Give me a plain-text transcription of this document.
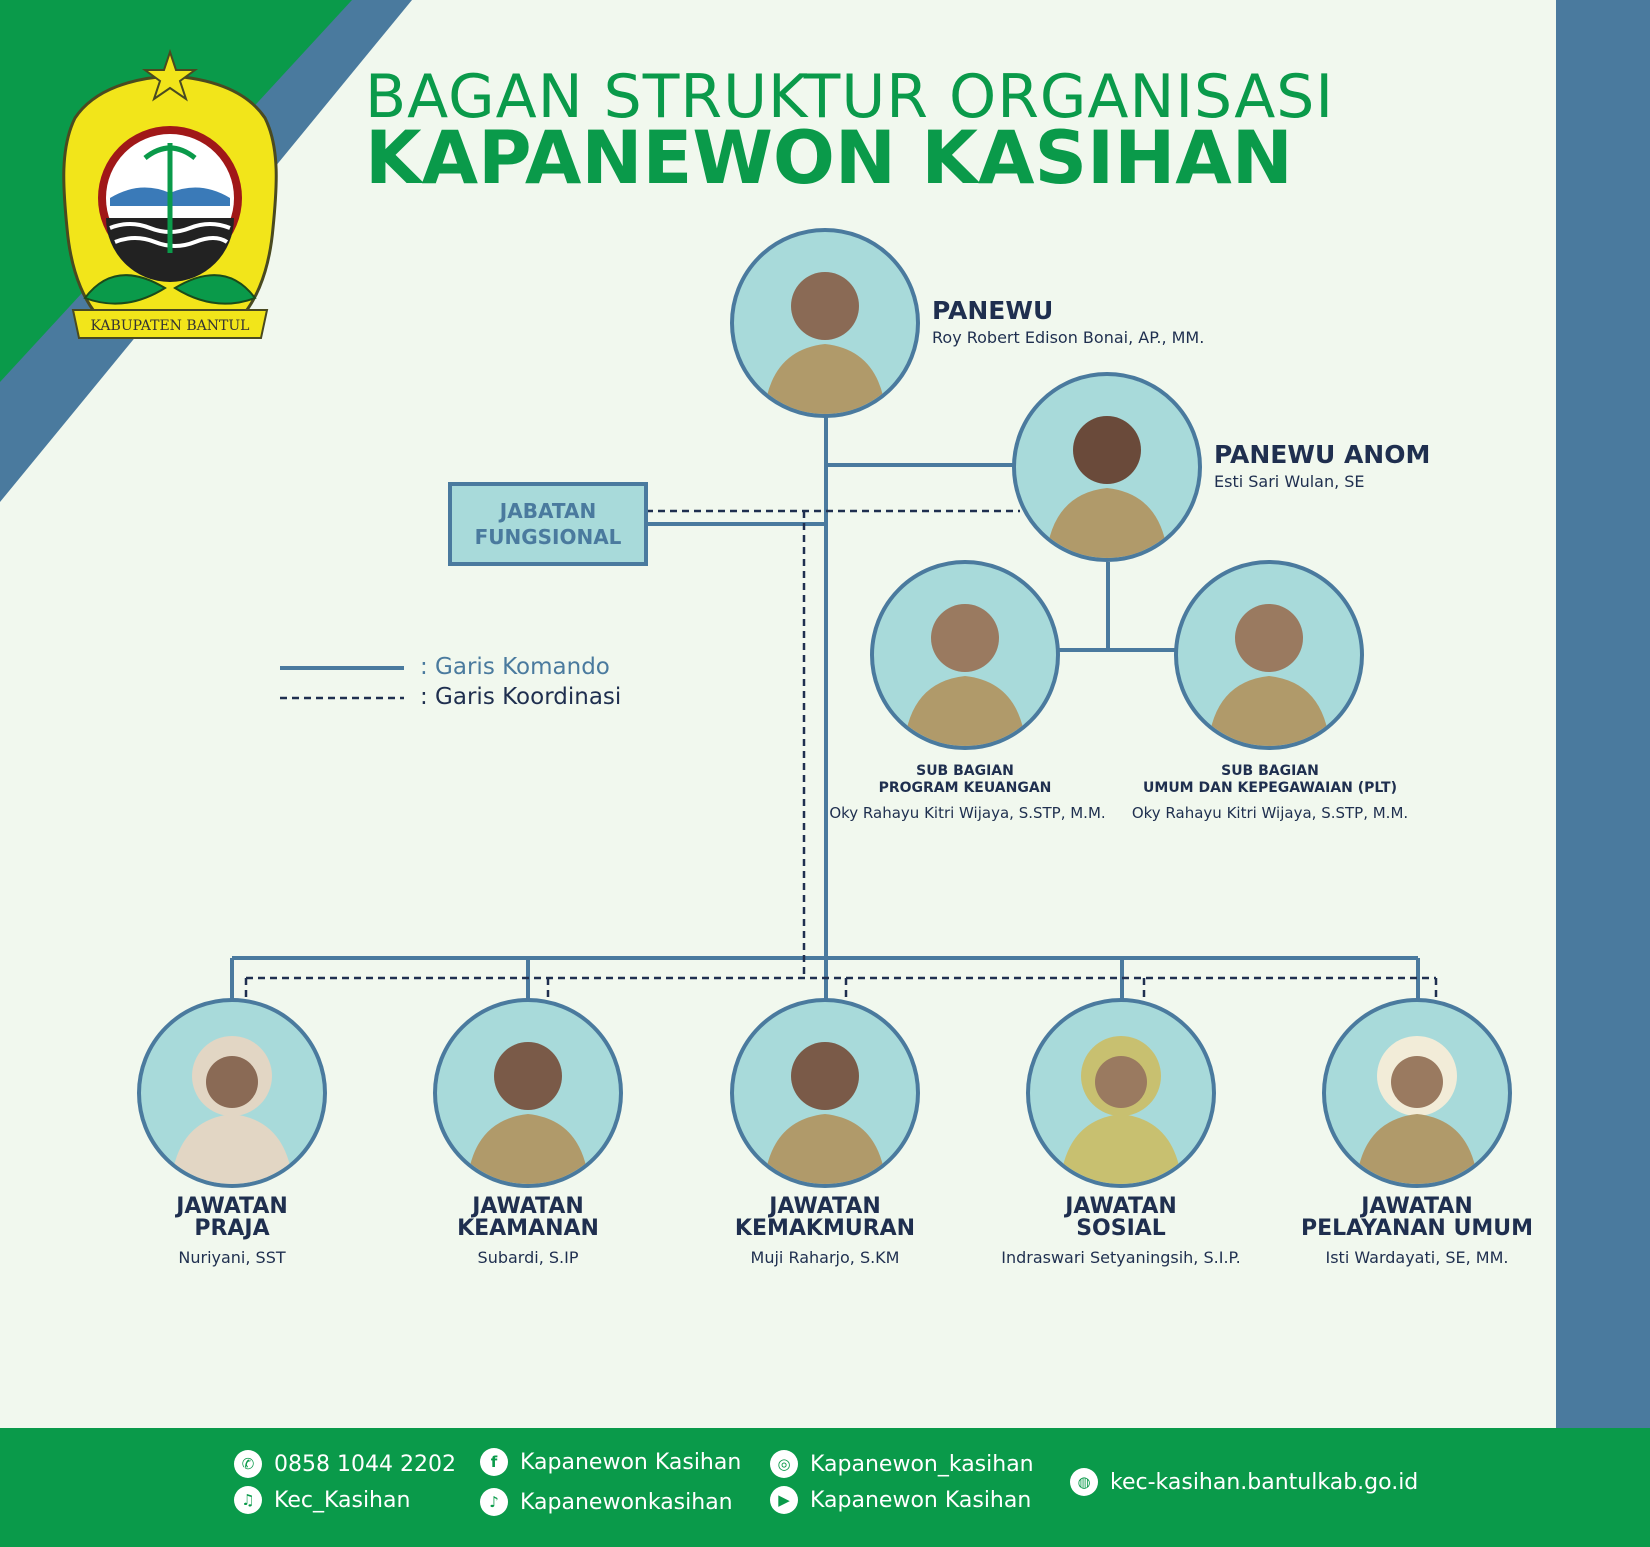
KABUPATEN BANTUL
BAGAN STRUKTUR ORGANISASI
KAPANEWON KASIHAN
PANEWU
Roy Robert Edison Bonai, AP., MM.
PANEWU ANOM
Esti Sari Wulan, SE
JABATAN
FUNGSIONAL
: Garis Komando
: Garis Koordinasi
SUB BAGIAN
PROGRAM KEUANGAN
Oky Rahayu Kitri Wijaya, S.STP, M.M.
SUB BAGIAN
UMUM DAN KEPEGAWAIAN (PLT)
Oky Rahayu Kitri Wijaya, S.STP, M.M.
JAWATAN
PRAJA
Nuriyani, SST
JAWATAN
KEAMANAN
Subardi, S.IP
JAWATAN
KEMAKMURAN
Muji Raharjo, S.KM
JAWATAN
SOSIAL
Indraswari Setyaningsih, S.I.P.
JAWATAN
PELAYANAN UMUM
Isti Wardayati, SE, MM.
✆ 0858 1044 2202
♫ Kec_Kasihan
f	Kapanewon Kasihan
♪ Kapanewonkasihan
◎ Kapanewon_kasihan
▶ Kapanewon Kasihan
◍ kec-kasihan.bantulkab.go.id
